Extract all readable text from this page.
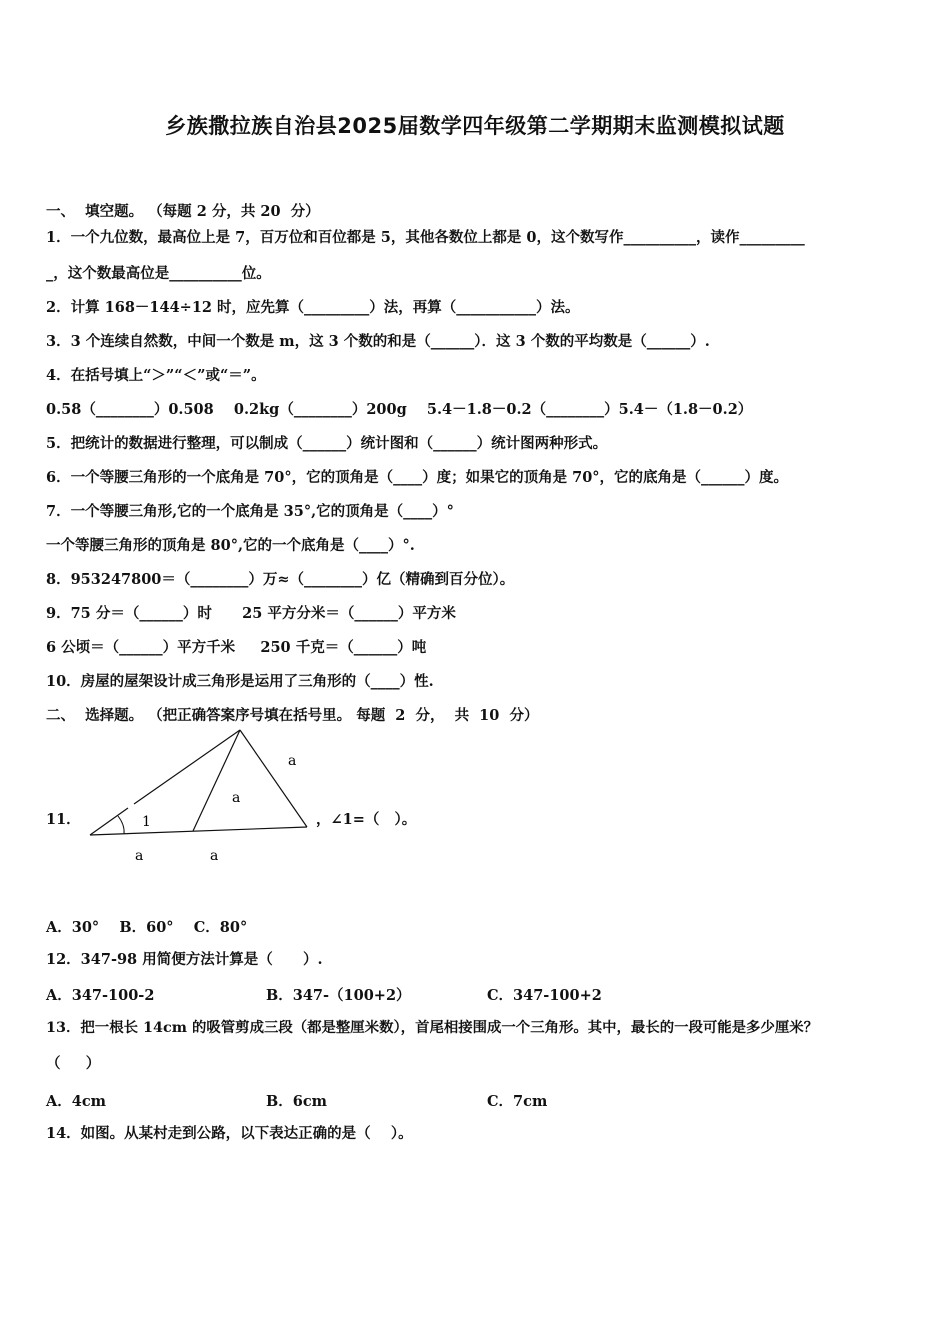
乡族撒拉族自治县2025届数学四年级第二学期期末监测模拟试题
一、  填空题。 （每题 2 分，共 20  分）
1．一个九位数，最高位上是 7，百万位和百位都是 5，其他各数位上都是 0，这个数写作__________，读作_________
_，这个数最高位是__________位。
2．计算 168－144÷12 时，应先算（_________）法，再算（___________）法。
3．3 个连续自然数，中间一个数是 m，这 3 个数的和是（______）．这 3 个数的平均数是（______）.
4．在括号填上“＞”“＜”或“＝”。
0.58（________）0.508    0.2kg（________）200g    5.4－1.8－0.2（________）5.4－（1.8－0.2）
5．把统计的数据进行整理，可以制成（______）统计图和（______）统计图两种形式。
6．一个等腰三角形的一个底角是 70°，它的顶角是（____）度；如果它的顶角是 70°，它的底角是（______）度。
7．一个等腰三角形,它的一个底角是 35°,它的顶角是（____）°
一个等腰三角形的顶角是 80°,它的一个底角是（____）°.
8．953247800＝（________）万≈（________）亿（精确到百分位）。
9．75 分＝（______）时      25 平方分米＝（______）平方米
6 公顷＝（______）平方千米     250 千克＝（______）吨
10．房屋的屋架设计成三角形是运用了三角形的（____）性.
二、  选择题。 （把正确答案序号填在括号里。 每题  2  分，  共  10  分）
11．
a
a
1
a	a
，∠1=（   ）。
A．30°    B．60°    C．80°
12．347-98 用简便方法计算是（      ）.
A．347-100-2	B．347-（100+2）	C．347-100+2
13．把一根长 14cm 的吸管剪成三段（都是整厘米数），首尾相接围成一个三角形。其中，最长的一段可能是多少厘米？
（     ）
A．4cm	B．6cm	C．7cm
14．如图。从某村走到公路，以下表达正确的是（    ）。
